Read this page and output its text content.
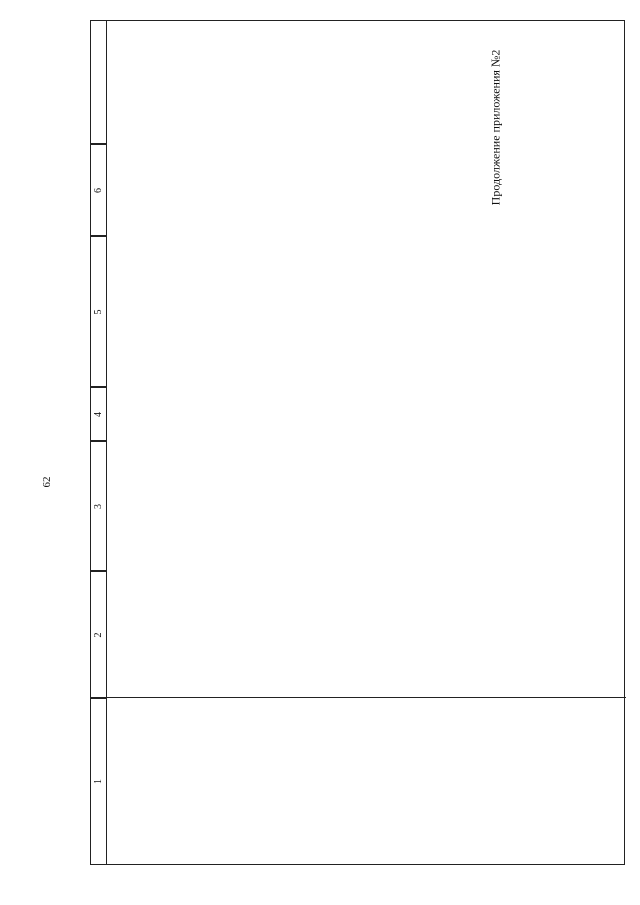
62
Продолжение приложения №2
1
2
3
4
5
6
